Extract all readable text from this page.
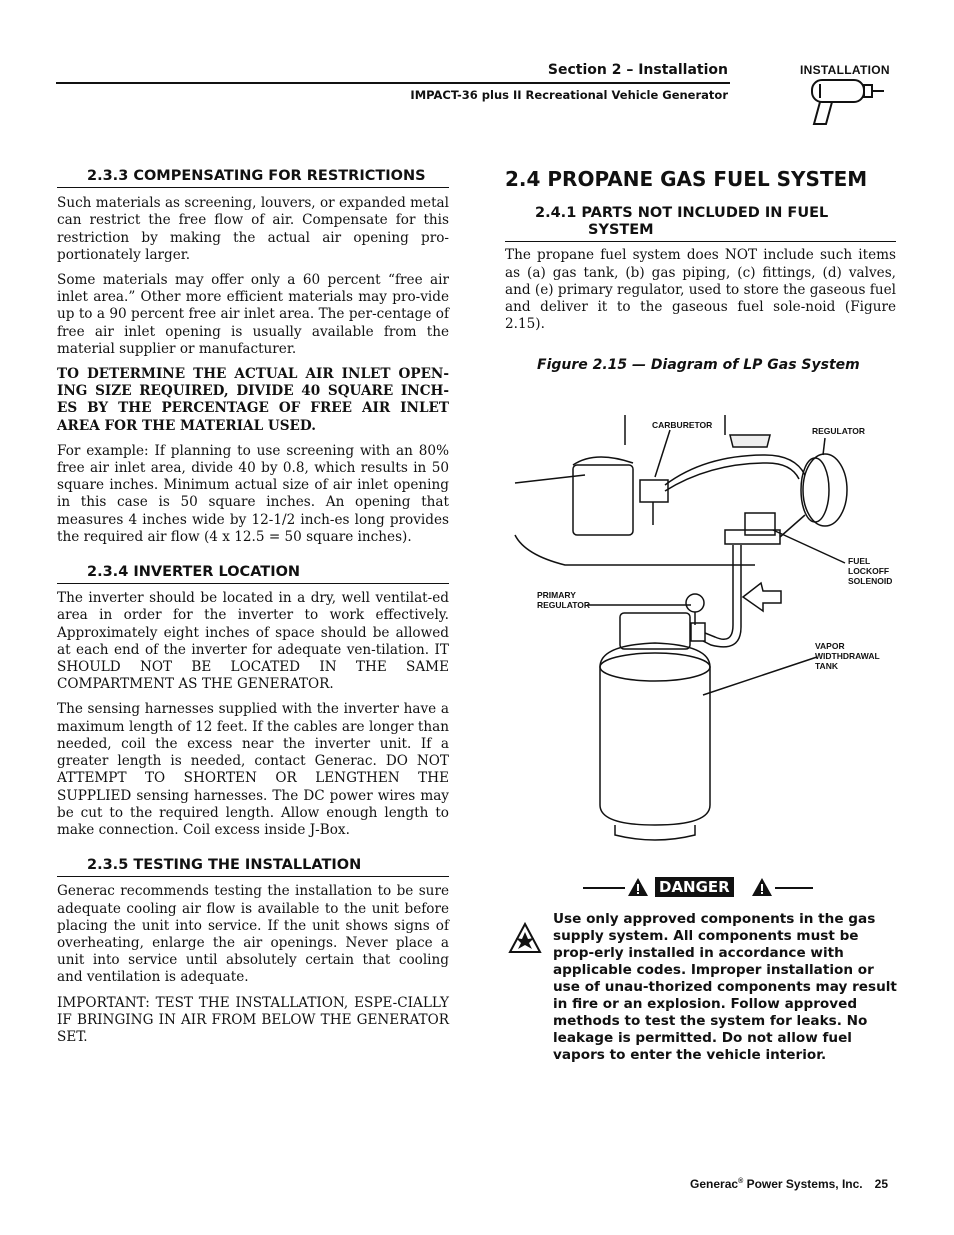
Section 2 – Installation
IMPACT-36 plus II Recreational Vehicle Generator
INSTALLATION
2.3.3 COMPENSATING FOR RESTRICTIONS

Such materials as screening, louvers, or expanded metal can restrict the free flow of air. Compensate for this restriction by making the actual air opening pro-portionately larger.

Some materials may offer only a 60 percent “free air inlet area.” Other more efficient materials may pro-vide up to a 90 percent free air inlet area. The per-centage of free air inlet opening is usually available from the material supplier or manufacturer.

TO DETERMINE THE ACTUAL AIR INLET OPEN-ING SIZE REQUIRED, DIVIDE 40 SQUARE INCH-ES BY THE PERCENTAGE OF FREE AIR INLET AREA FOR THE MATERIAL USED.

For example: If planning to use screening with an 80% free air inlet area, divide 40 by 0.8, which results in 50 square inches. Minimum actual size of air inlet opening in this case is 50 square inches. An opening that measures 4 inches wide by 12-1/2 inch-es long provides the required air flow (4 x 12.5 = 50 square inches).

2.3.4 INVERTER LOCATION

The inverter should be located in a dry, well ventilat-ed area in order for the inverter to work effectively. Approximately eight inches of space should be allowed at each end of the inverter for adequate ven-tilation. IT SHOULD NOT BE LOCATED IN THE SAME COMPARTMENT AS THE GENERATOR.

The sensing harnesses supplied with the inverter have a maximum length of 12 feet. If the cables are longer than needed, coil the excess near the inverter unit. If a greater length is needed, contact Generac. DO NOT ATTEMPT TO SHORTEN OR LENGTHEN THE SUPPLIED sensing harnesses. The DC power wires may be cut to the required length. Allow enough length to make connection. Coil excess inside J-Box.

2.3.5 TESTING THE INSTALLATION

Generac recommends testing the installation to be sure adequate cooling air flow is available to the unit before placing the unit into service. If the unit shows signs of overheating, enlarge the air openings. Never place a unit into service until absolutely certain that cooling and ventilation is adequate.

IMPORTANT: TEST THE INSTALLATION, ESPE-CIALLY IF BRINGING IN AIR FROM BELOW THE GENERATOR SET.

2.4 PROPANE GAS FUEL SYSTEM
2.4.1 PARTS NOT INCLUDED IN FUEL
SYSTEM

The propane fuel system does NOT include such items as (a) gas tank, (b) gas piping, (c) fittings, (d) valves, and (e) primary regulator, used to store the gaseous fuel and deliver it to the gaseous fuel sole-noid (Figure 2.15).

Figure 2.15 — Diagram of LP Gas System
CARBURETOR
REGULATOR
FUEL
LOCKOFF
SOLENOID
PRIMARY
REGULATOR
VAPOR
WIDTHDRAWAL
TANK
DANGER
Use only approved components in the gas supply system. All components must be prop-erly installed in accordance with applicable codes. Improper installation or use of unau-thorized components may result in fire or an explosion. Follow approved methods to test the system for leaks. No leakage is permitted. Do not allow fuel vapors to enter the vehicle interior.
Generac® Power Systems, Inc. 25
